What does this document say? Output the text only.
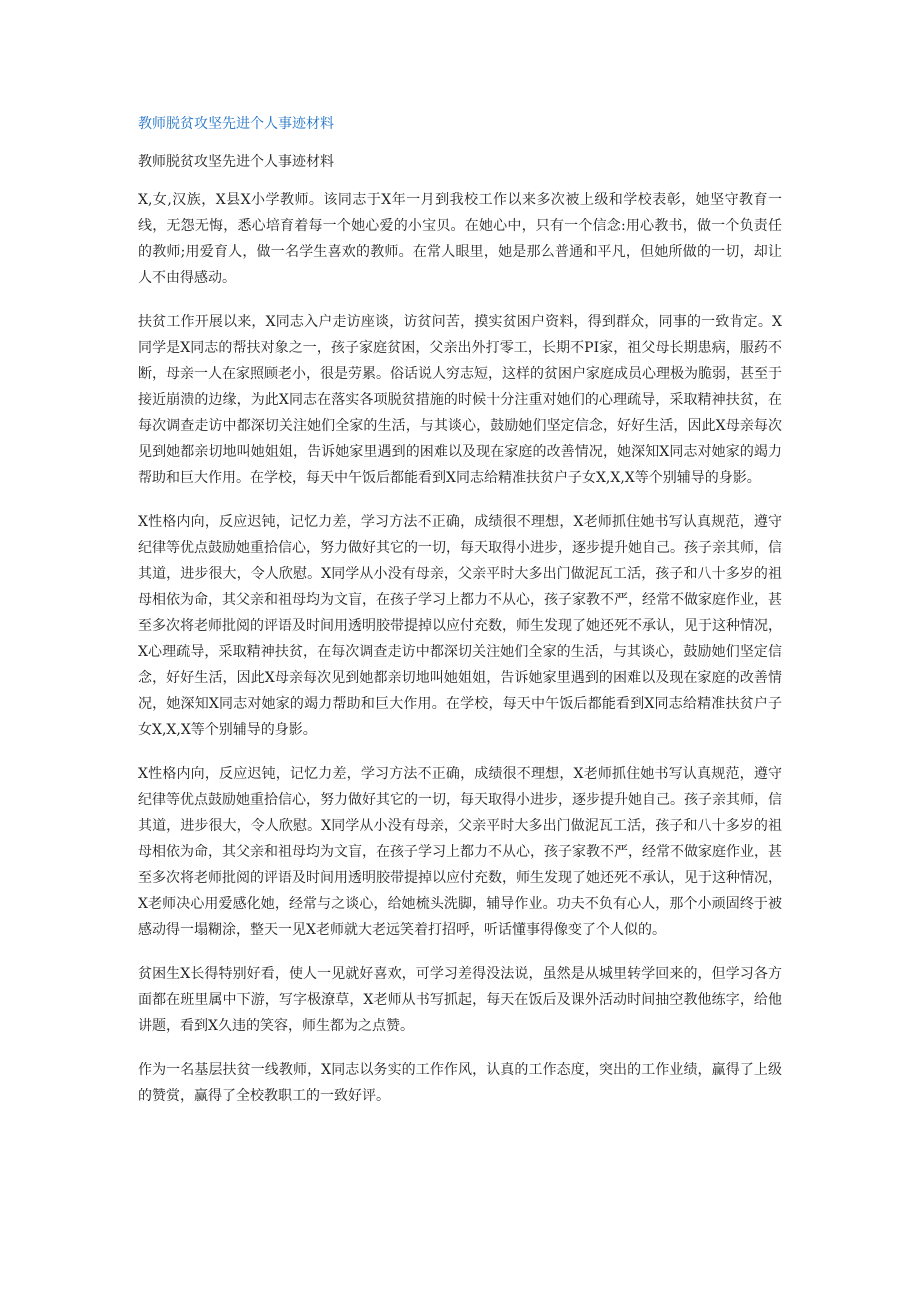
教师脱贫攻坚先进个人事迹材料
教师脱贫攻坚先进个人事迹材料

X,女,汉族，X县X小学教师。该同志于X年一月到我校工作以来多次被上级和学校表彰，她坚守教育一线，无怨无悔，悉心培育着每一个她心爱的小宝贝。在她心中，只有一个信念:用心教书，做一个负责任的教师;用爱育人，做一名学生喜欢的教师。在常人眼里，她是那么普通和平凡，但她所做的一切，却让人不由得感动。

扶贫工作开展以来，X同志入户走访座谈，访贫问苦，摸实贫困户资料，得到群众，同事的一致肯定。X同学是X同志的帮扶对象之一，孩子家庭贫困，父亲出外打零工，长期不PI家，祖父母长期患病，服药不断，母亲一人在家照顾老小，很是劳累。俗话说人穷志短，这样的贫困户家庭成员心理极为脆弱，甚至于接近崩溃的边缘，为此X同志在落实各项脱贫措施的时候十分注重对她们的心理疏导，采取精神扶贫，在每次调查走访中都深切关注她们全家的生活，与其谈心，鼓励她们坚定信念，好好生活，因此X母亲每次见到她都亲切地叫她姐姐，告诉她家里遇到的困难以及现在家庭的改善情况，她深知X同志对她家的竭力帮助和巨大作用。在学校，每天中午饭后都能看到X同志给精准扶贫户子女X,X,X等个别辅导的身影。

X性格内向，反应迟钝，记忆力差，学习方法不正确，成绩很不理想，X老师抓住她书写认真规范，遵守纪律等优点鼓励她重拾信心，努力做好其它的一切，每天取得小进步，逐步提升她自己。孩子亲其师，信其道，进步很大，令人欣慰。X同学从小没有母亲，父亲平时大多出门做泥瓦工活，孩子和八十多岁的祖母相依为命，其父亲和祖母均为文盲，在孩子学习上都力不从心，孩子家教不严，经常不做家庭作业，甚至多次将老师批阅的评语及时间用透明胶带提掉以应付充数，师生发现了她还死不承认，见于这种情况，X心理疏导，采取精神扶贫，在每次调查走访中都深切关注她们全家的生活，与其谈心，鼓励她们坚定信念，好好生活，因此X母亲每次见到她都亲切地叫她姐姐，告诉她家里遇到的困难以及现在家庭的改善情况，她深知X同志对她家的竭力帮助和巨大作用。在学校，每天中午饭后都能看到X同志给精准扶贫户子女X,X,X等个别辅导的身影。

X性格内向，反应迟钝，记忆力差，学习方法不正确，成绩很不理想，X老师抓住她书写认真规范，遵守纪律等优点鼓励她重拾信心，努力做好其它的一切，每天取得小进步，逐步提升她自己。孩子亲其师，信其道，进步很大，令人欣慰。X同学从小没有母亲，父亲平时大多出门做泥瓦工活，孩子和八十多岁的祖母相依为命，其父亲和祖母均为文盲，在孩子学习上都力不从心，孩子家教不严，经常不做家庭作业，甚至多次将老师批阅的评语及时间用透明胶带提掉以应付充数，师生发现了她还死不承认，见于这种情况，X老师决心用爱感化她，经常与之谈心，给她梳头洗脚，辅导作业。功夫不负有心人，那个小顽固终于被感动得一塌糊涂，整天一见X老师就大老远笑着打招呼，听话懂事得像变了个人似的。

贫困生X长得特别好看，使人一见就好喜欢，可学习差得没法说，虽然是从城里转学回来的，但学习各方面都在班里属中下游，写字极潦草，X老师从书写抓起，每天在饭后及课外活动时间抽空教他练字，给他讲题，看到X久违的笑容，师生都为之点赞。

作为一名基层扶贫一线教师，X同志以务实的工作作风，认真的工作态度，突出的工作业绩，赢得了上级的赞赏，赢得了全校教职工的一致好评。
